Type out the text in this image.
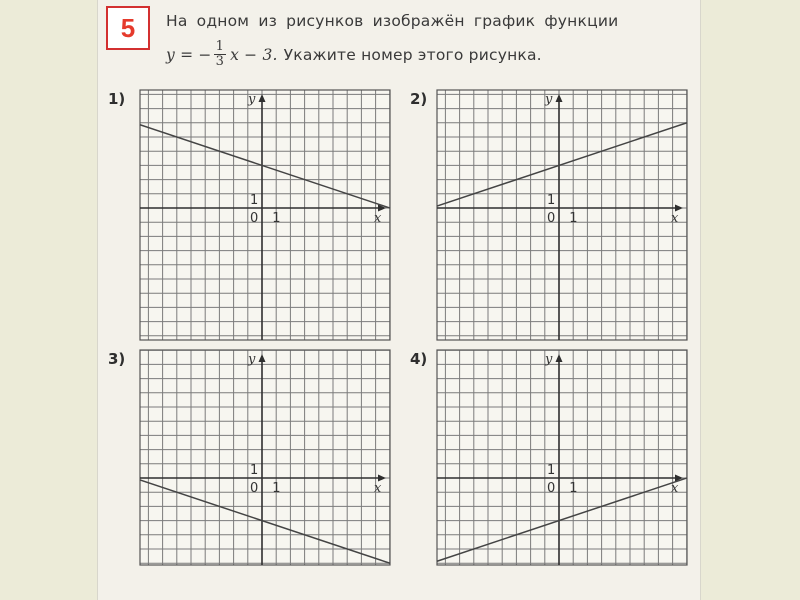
5	На одном из рисунков изображён график функции
y = − $\frac{1}{3}$ x − 3. Укажите номер этого рисунка.
1)	2)
3)	4)
y
x
0 1
1
y
x
0 1
1
y
x
0 1
1
y
x
0 1
1
